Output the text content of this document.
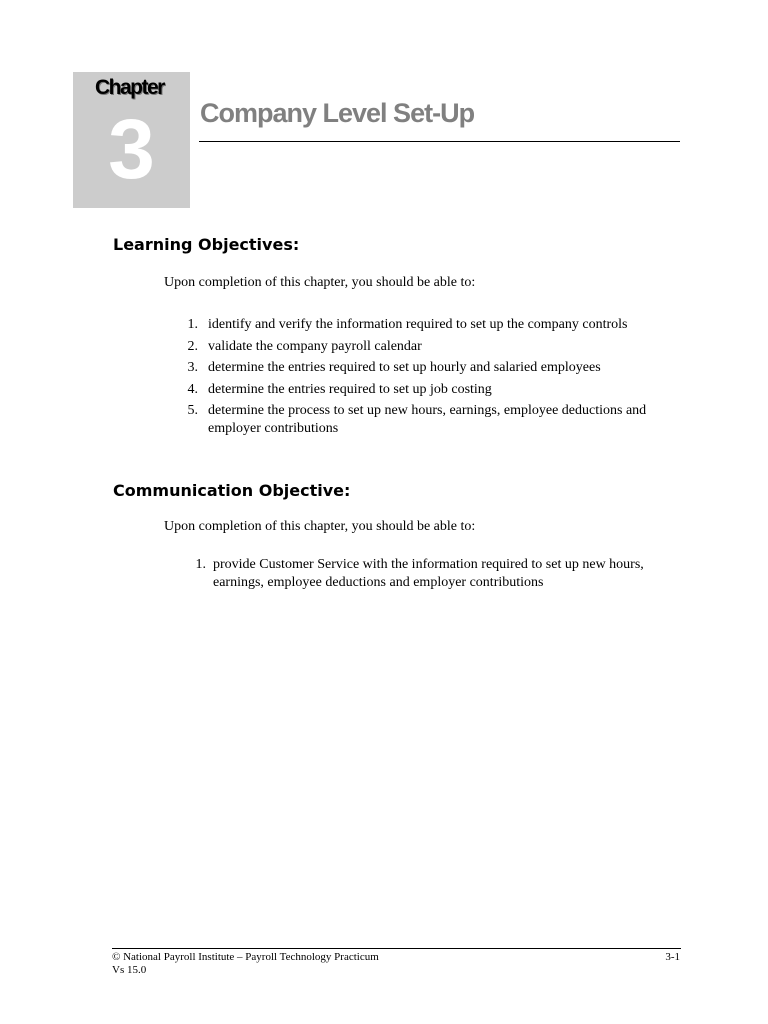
Chapter
3	Company Level Set-Up
Learning Objectives:
Upon completion of this chapter, you should be able to:
1. identify and verify the information required to set up the company controls
2. validate the company payroll calendar
3. determine the entries required to set up hourly and salaried employees
4. determine the entries required to set up job costing
5. determine the process to set up new hours, earnings, employee deductions and employer contributions
Communication Objective:
Upon completion of this chapter, you should be able to:
1. provide Customer Service with the information required to set up new hours, earnings, employee deductions and employer contributions
© National Payroll Institute – Payroll Technology Practicum
Vs 15.0
3-1
